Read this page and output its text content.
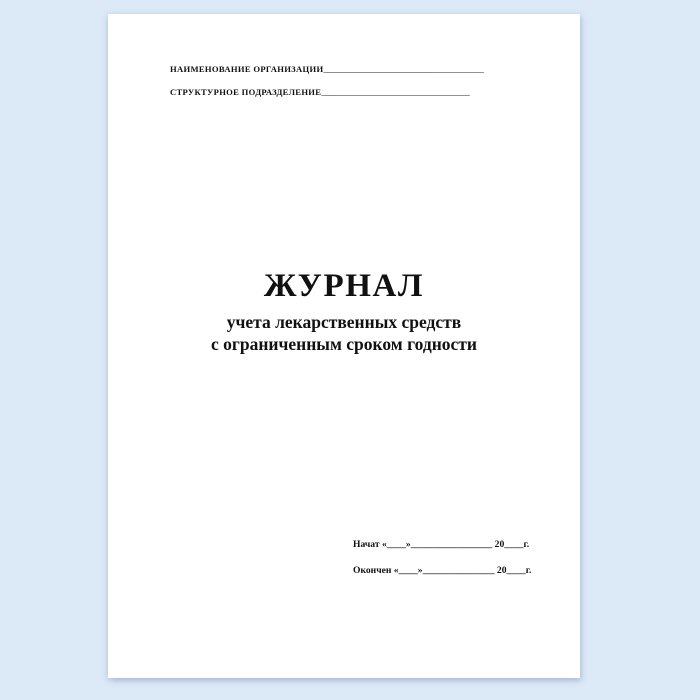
НАИМЕНОВАНИЕ ОРГАНИЗАЦИИ________________________________________
СТРУКТУРНОЕ ПОДРАЗДЕЛЕНИЕ_____________________________________
ЖУРНАЛ
учета лекарственных средств
с ограниченным сроком годности
Начат «____»_________________ 20____г.
Окончен «____»_______________ 20____г.
